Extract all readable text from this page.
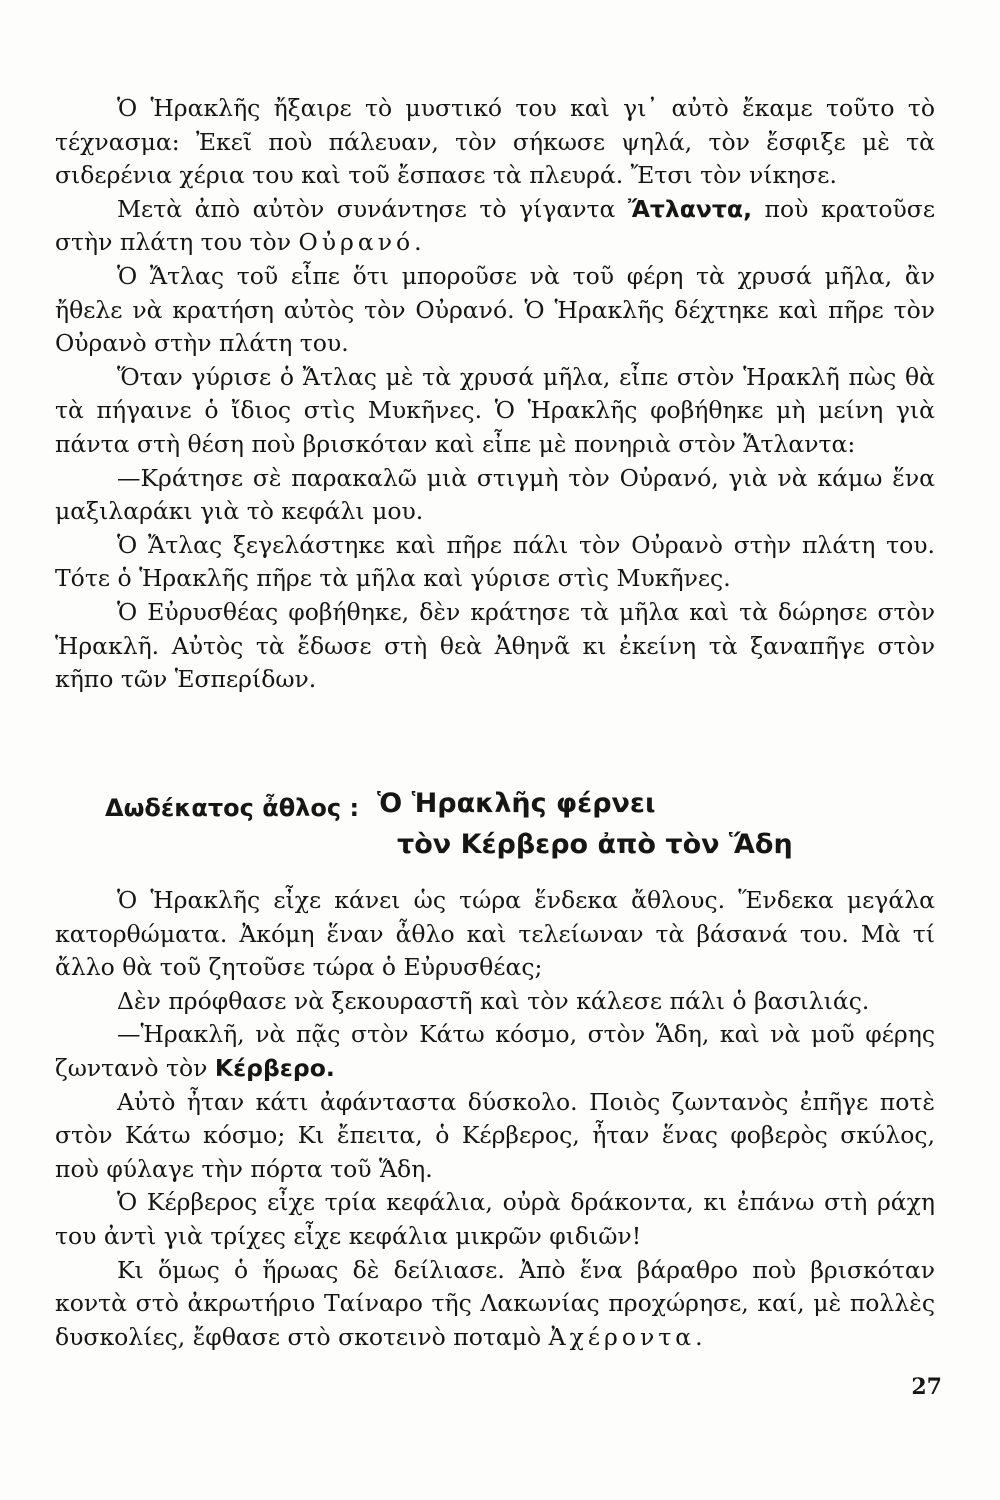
Ὁ Ἡρακλῆς ἤξαιρε τὸ μυστικό του καὶ γι᾽ αὐτὸ ἔκαμε τοῦτο τὸ τέχνασμα: Ἐκεῖ ποὺ πάλευαν, τὸν σήκωσε ψηλά, τὸν ἔσφιξε μὲ τὰ σιδερένια χέρια του καὶ τοῦ ἔσπασε τὰ πλευρά. Ἔτσι τὸν νίκησε.

Μετὰ ἀπὸ αὐτὸν συνάντησε τὸ γίγαντα Ἄτλαντα, ποὺ κρατοῦσε στὴν πλάτη του τὸν Οὐρανό.

Ὁ Ἄτλας τοῦ εἶπε ὅτι μποροῦσε νὰ τοῦ φέρη τὰ χρυσά μῆλα, ἂν ἤθελε νὰ κρατήση αὐτὸς τὸν Οὐρανό. Ὁ Ἡρακλῆς δέχτηκε καὶ πῆρε τὸν Οὐρανὸ στὴν πλάτη του.

Ὅταν γύρισε ὁ Ἄτλας μὲ τὰ χρυσά μῆλα, εἶπε στὸν Ἡρακλῆ πὼς θὰ τὰ πήγαινε ὁ ἴδιος στὶς Μυκῆνες. Ὁ Ἡρακλῆς φοβήθηκε μὴ μείνη γιὰ πάντα στὴ θέση ποὺ βρισκόταν καὶ εἶπε μὲ πονηριὰ στὸν Ἄτλαντα:

—Κράτησε σὲ παρακαλῶ μιὰ στιγμὴ τὸν Οὐρανό, γιὰ νὰ κάμω ἕνα μαξιλαράκι γιὰ τὸ κεφάλι μου.

Ὁ Ἄτλας ξεγελάστηκε καὶ πῆρε πάλι τὸν Οὐρανὸ στὴν πλάτη του. Τότε ὁ Ἡρακλῆς πῆρε τὰ μῆλα καὶ γύρισε στὶς Μυκῆνες.

Ὁ Εὐρυσθέας φοβήθηκε, δὲν κράτησε τὰ μῆλα καὶ τὰ δώρησε στὸν Ἡρακλῆ. Αὐτὸς τὰ ἔδωσε στὴ θεὰ Ἀθηνᾶ κι ἐκείνη τὰ ξαναπῆγε στὸν κῆπο τῶν Ἑσπερίδων.

Δωδέκατος ἆθλος : Ὁ Ἡρακλῆς φέρνει
τὸν Κέρβερο ἀπὸ τὸν Ἅδη

Ὁ Ἡρακλῆς εἶχε κάνει ὡς τώρα ἕνδεκα ἄθλους. Ἕνδεκα μεγάλα κατορθώματα. Ἀκόμη ἕναν ἆθλο καὶ τελείωναν τὰ βάσανά του. Μὰ τί ἄλλο θὰ τοῦ ζητοῦσε τώρα ὁ Εὐρυσθέας;

Δὲν πρόφθασε νὰ ξεκουραστῆ καὶ τὸν κάλεσε πάλι ὁ βασιλιάς.

—Ἡρακλῆ, νὰ πᾷς στὸν Κάτω κόσμο, στὸν Ἅδη, καὶ νὰ μοῦ φέρης ζωντανὸ τὸν Κέρβερο.

Αὐτὸ ἦταν κάτι ἀφάνταστα δύσκολο. Ποιὸς ζωντανὸς ἐπῆγε ποτὲ στὸν Κάτω κόσμο; Κι ἔπειτα, ὁ Κέρβερος, ἦταν ἕνας φοβερὸς σκύλος, ποὺ φύλαγε τὴν πόρτα τοῦ Ἅδη.

Ὁ Κέρβερος εἶχε τρία κεφάλια, οὐρὰ δράκοντα, κι ἐπάνω στὴ ράχη του ἀντὶ γιὰ τρίχες εἶχε κεφάλια μικρῶν φιδιῶν!

Κι ὅμως ὁ ἥρωας δὲ δείλιασε. Ἀπὸ ἕνα βάραθρο ποὺ βρισκόταν κοντὰ στὸ ἀκρωτήριο Ταίναρο τῆς Λακωνίας προχώρησε, καί, μὲ πολλὲς δυσκολίες, ἔφθασε στὸ σκοτεινὸ ποταμὸ Ἀχέροντα.

27
